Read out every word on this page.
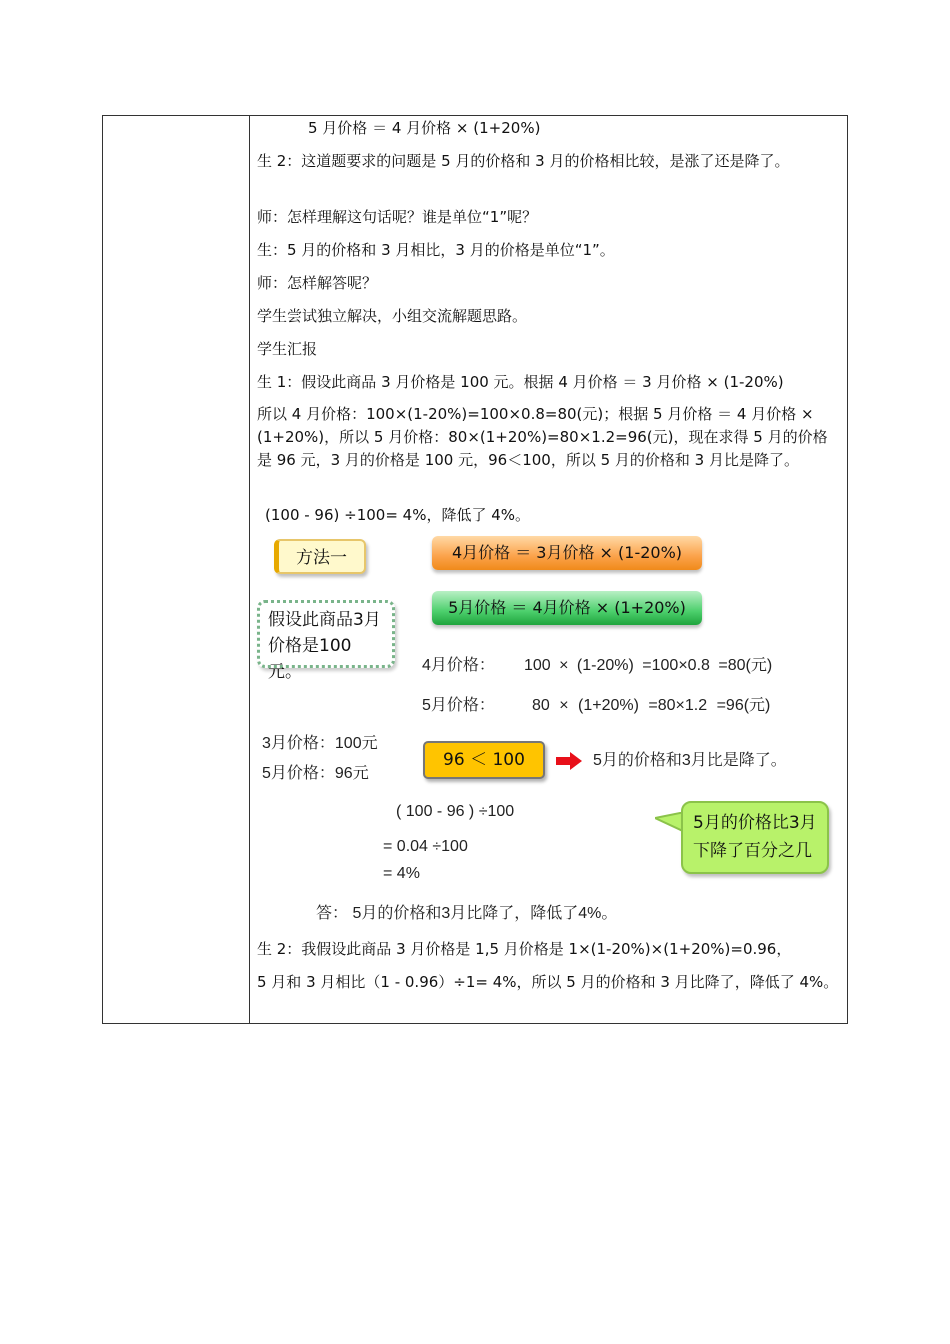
5 月价格 ＝ 4 月价格 × (1+20%)
生 2：这道题要求的问题是 5 月的价格和 3 月的价格相比较，是涨了还是降了。
师：怎样理解这句话呢？谁是单位“1”呢？
生：5 月的价格和 3 月相比，3 月的价格是单位“1”。
师：怎样解答呢？
学生尝试独立解决，小组交流解题思路。
学生汇报
生 1：假设此商品 3 月价格是 100 元。根据 4 月价格 ＝ 3 月价格 × (1-20%)
所以 4 月价格：100×(1-20%)=100×0.8=80(元)；根据 5 月价格 ＝ 4 月价格 × (1+20%)，所以 5 月价格：80×(1+20%)=80×1.2=96(元)，现在求得 5 月的价格是 96 元，3 月的价格是 100 元，96＜100，所以 5 月的价格和 3 月比是降了。
(100 - 96) ÷100= 4%，降低了 4%。
方法一	4月价格 ＝ 3月价格 × (1-20%)
5月价格 ＝ 4月价格 × (1+20%)
假设此商品3月
价格是100元。	4月价格： 100 × (1-20%) =100×0.8 =80(元)
5月价格： 80 × (1+20%) =80×1.2 =96(元)
3月价格：100元
5月价格：96元
96 ＜ 100	5月的价格和3月比是降了。
( 100 - 96 ) ÷100
= 0.04 ÷100
= 4%
5月的价格比3月
下降了百分之几
答： 5月的价格和3月比降了，降低了4%。
生 2：我假设此商品 3 月价格是 1,5 月价格是 1×(1-20%)×(1+20%)=0.96，
5 月和 3 月相比（1 - 0.96）÷1= 4%，所以 5 月的价格和 3 月比降了，降低了 4%。
